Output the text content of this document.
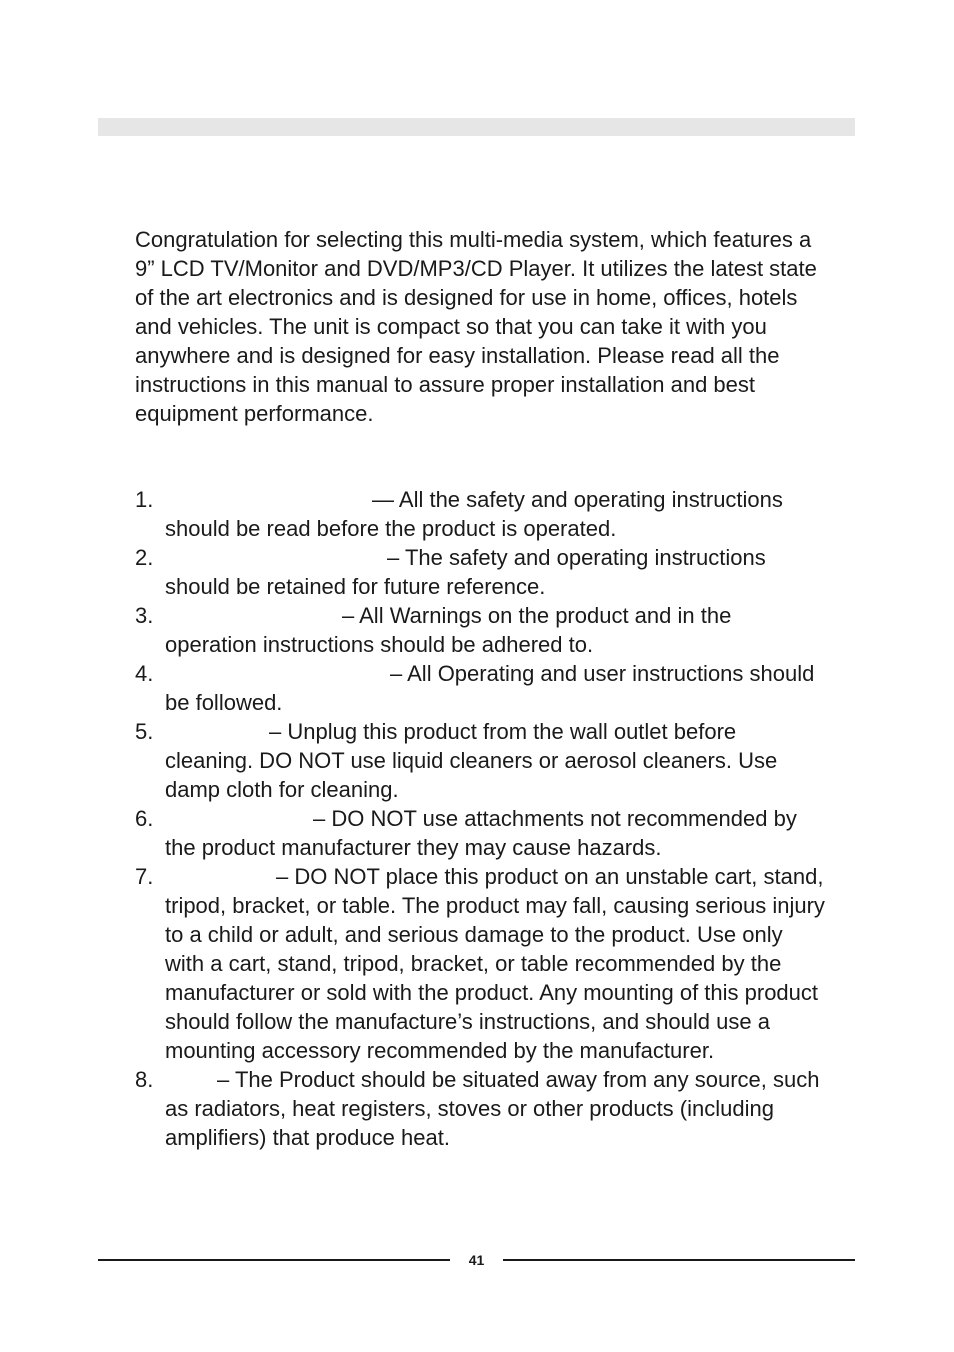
Congratulation for selecting this multi-media system, which features a 9” LCD TV/Monitor and DVD/MP3/CD Player. It utilizes the latest state of the art electronics and is designed for use in home, offices, hotels and vehicles. The unit is compact so that you can take it with you anywhere and is designed for easy installation. Please read all the instructions in this manual to assure proper installation and best equipment performance.

1.	— All the safety and operating instructions should be read before the product is operated.
2.	– The safety and operating instructions should be retained for future reference.
3.	– All Warnings on the product and in the operation instructions should be adhered to.
4.	– All Operating and user instructions should be followed.
5.	– Unplug this product from the wall outlet before cleaning. DO NOT use liquid cleaners or aerosol cleaners. Use damp cloth for cleaning.
6.	– DO NOT use attachments not recommended by the product manufacturer they may cause hazards.
7.	– DO NOT place this product on an unstable cart, stand, tripod, bracket, or table. The product may fall, causing serious injury to a child or adult, and serious damage to the product. Use only with a cart, stand, tripod, bracket, or table recommended by the manufacturer or sold with the product. Any mounting of this product should follow the manufacture’s instructions, and should use a mounting accessory recommended by the manufacturer.
8.	– The Product should be situated away from any source, such as radiators, heat registers, stoves or other products (including amplifiers) that produce heat.
41
